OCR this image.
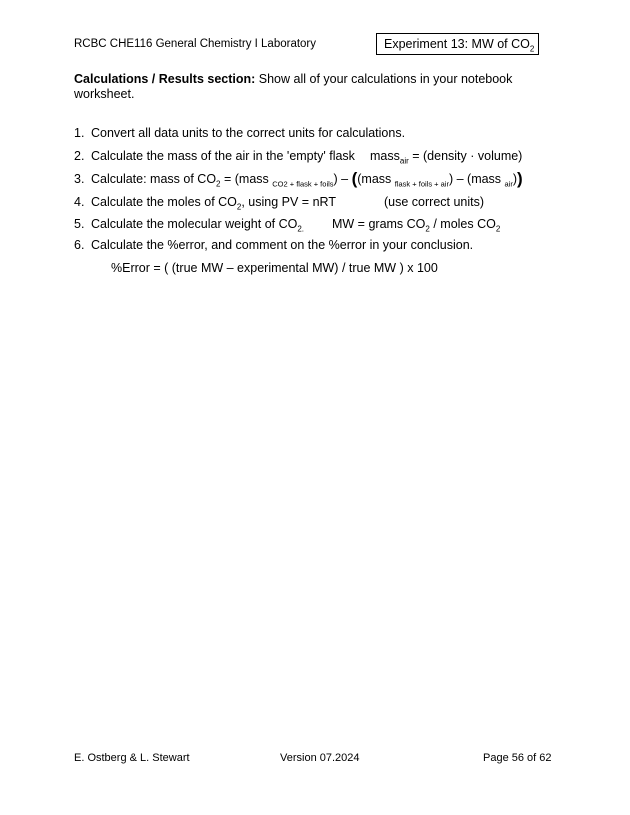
RCBC CHE116 General Chemistry I Laboratory	Experiment 13: MW of $CO_2$
Calculations / Results section: Show all of your calculations in your notebook worksheet.
1. Convert all data units to the correct units for calculations.
2. Calculate the mass of the air in the 'empty' flask mass$_{air}$ = (density · volume)
3. Calculate: mass of $CO_2$ = (mass $_{CO2 + flask + foils}$) – ((mass $_{flask + foils + air}$) – (mass $_{air}$))
4. Calculate the moles of $CO_2$, using PV = nRT	(use correct units)
5. Calculate the molecular weight of $CO_{2.}$ MW = grams $CO_2$ / moles $CO_2$
6. Calculate the %error, and comment on the %error in your conclusion.
%Error = ( (true MW – experimental MW) / true MW ) x 100
E. Ostberg & L. Stewart	Version 07.2024	Page 56 of 62
